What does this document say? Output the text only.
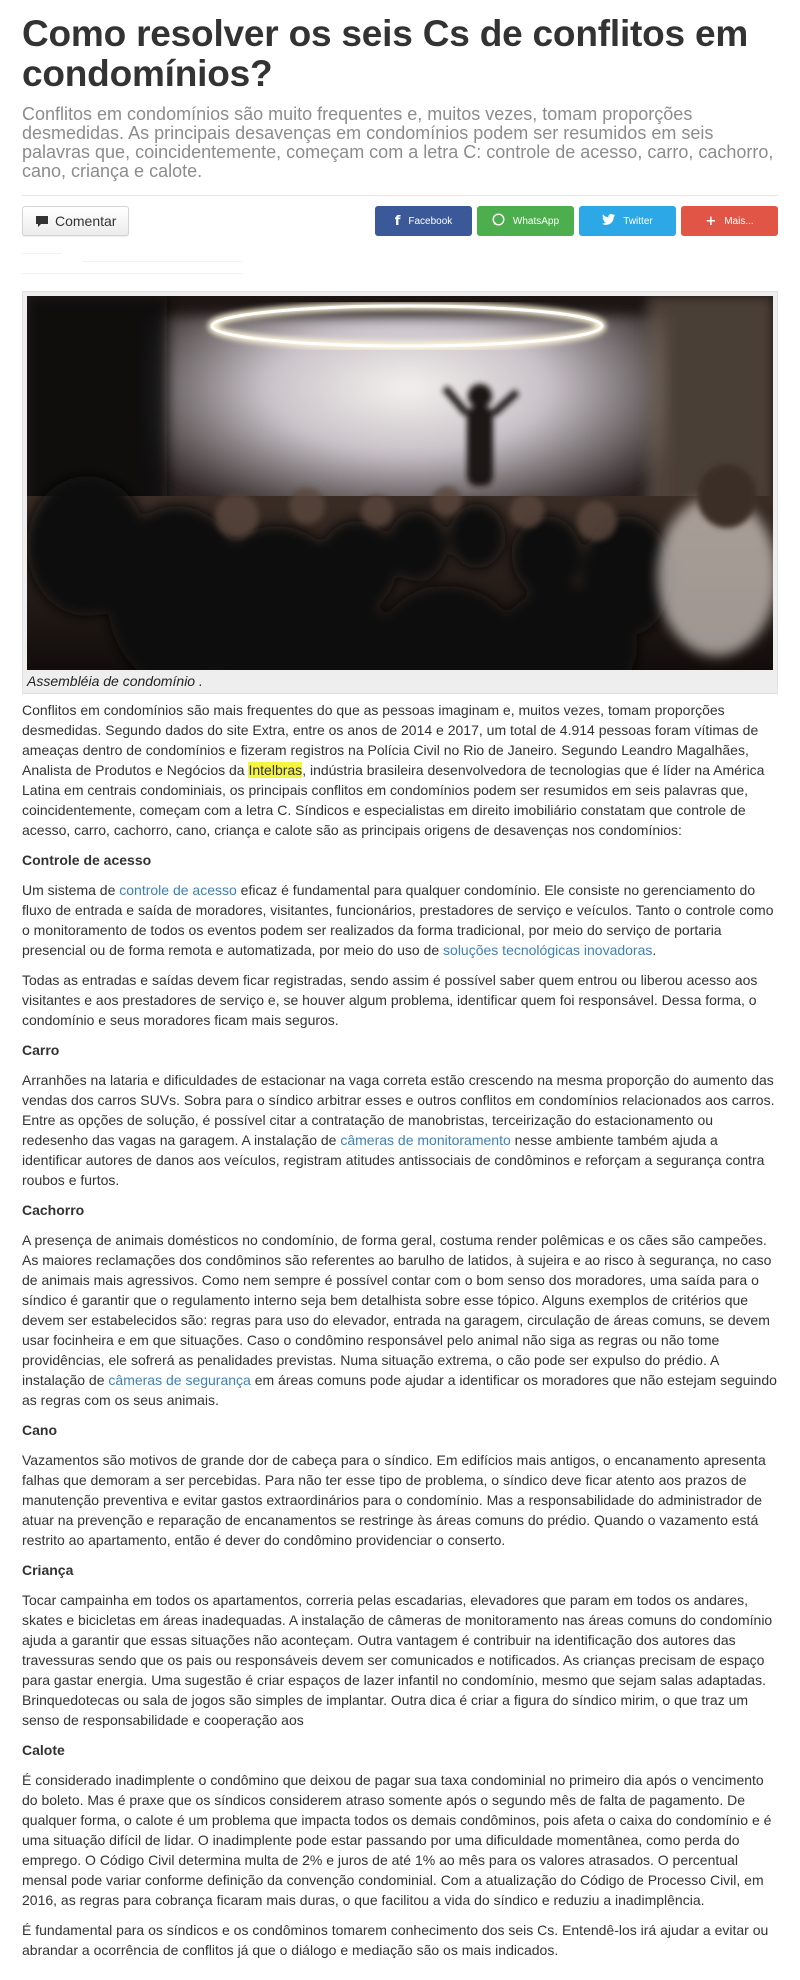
Como resolver os seis Cs de conflitos em condomínios?
Conflitos em condomínios são muito frequentes e, muitos vezes, tomam proporções desmedidas. As principais desavenças em condomínios podem ser resumidos em seis palavras que, coincidentemente, começam com a letra C: controle de acesso, carro, cachorro, cano, criança e calote.
Comentar	f Facebook	WhatsApp	Twitter	+ Mais...
Assembléia de condomínio .

Conflitos em condomínios são mais frequentes do que as pessoas imaginam e, muitos vezes, tomam proporções desmedidas. Segundo dados do site Extra, entre os anos de 2014 e 2017, um total de 4.914 pessoas foram vítimas de ameaças dentro de condomínios e fizeram registros na Polícia Civil no Rio de Janeiro. Segundo Leandro Magalhães, Analista de Produtos e Negócios da Intelbras, indústria brasileira desenvolvedora de tecnologias que é líder na América Latina em centrais condominiais, os principais conflitos em condomínios podem ser resumidos em seis palavras que, coincidentemente, começam com a letra C. Síndicos e especialistas em direito imobiliário constatam que controle de acesso, carro, cachorro, cano, criança e calote são as principais origens de desavenças nos condomínios:

Controle de acesso

Um sistema de controle de acesso eficaz é fundamental para qualquer condomínio. Ele consiste no gerenciamento do fluxo de entrada e saída de moradores, visitantes, funcionários, prestadores de serviço e veículos. Tanto o controle como o monitoramento de todos os eventos podem ser realizados da forma tradicional, por meio do serviço de portaria presencial ou de forma remota e automatizada, por meio do uso de soluções tecnológicas inovadoras.

Todas as entradas e saídas devem ficar registradas, sendo assim é possível saber quem entrou ou liberou acesso aos visitantes e aos prestadores de serviço e, se houver algum problema, identificar quem foi responsável. Dessa forma, o condomínio e seus moradores ficam mais seguros.

Carro

Arranhões na lataria e dificuldades de estacionar na vaga correta estão crescendo na mesma proporção do aumento das vendas dos carros SUVs. Sobra para o síndico arbitrar esses e outros conflitos em condomínios relacionados aos carros. Entre as opções de solução, é possível citar a contratação de manobristas, terceirização do estacionamento ou redesenho das vagas na garagem. A instalação de câmeras de monitoramento nesse ambiente também ajuda a identificar autores de danos aos veículos, registram atitudes antissociais de condôminos e reforçam a segurança contra roubos e furtos.

Cachorro

A presença de animais domésticos no condomínio, de forma geral, costuma render polêmicas e os cães são campeões. As maiores reclamações dos condôminos são referentes ao barulho de latidos, à sujeira e ao risco à segurança, no caso de animais mais agressivos. Como nem sempre é possível contar com o bom senso dos moradores, uma saída para o síndico é garantir que o regulamento interno seja bem detalhista sobre esse tópico. Alguns exemplos de critérios que devem ser estabelecidos são: regras para uso do elevador, entrada na garagem, circulação de áreas comuns, se devem usar focinheira e em que situações. Caso o condômino responsável pelo animal não siga as regras ou não tome providências, ele sofrerá as penalidades previstas. Numa situação extrema, o cão pode ser expulso do prédio. A instalação de câmeras de segurança em áreas comuns pode ajudar a identificar os moradores que não estejam seguindo as regras com os seus animais.

Cano

Vazamentos são motivos de grande dor de cabeça para o síndico. Em edifícios mais antigos, o encanamento apresenta falhas que demoram a ser percebidas. Para não ter esse tipo de problema, o síndico deve ficar atento aos prazos de manutenção preventiva e evitar gastos extraordinários para o condomínio. Mas a responsabilidade do administrador de atuar na prevenção e reparação de encanamentos se restringe às áreas comuns do prédio. Quando o vazamento está restrito ao apartamento, então é dever do condômino providenciar o conserto.

Criança

Tocar campainha em todos os apartamentos, correria pelas escadarias, elevadores que param em todos os andares, skates e bicicletas em áreas inadequadas. A instalação de câmeras de monitoramento nas áreas comuns do condomínio ajuda a garantir que essas situações não aconteçam. Outra vantagem é contribuir na identificação dos autores das travessuras sendo que os pais ou responsáveis devem ser comunicados e notificados. As crianças precisam de espaço para gastar energia. Uma sugestão é criar espaços de lazer infantil no condomínio, mesmo que sejam salas adaptadas. Brinquedotecas ou sala de jogos são simples de implantar. Outra dica é criar a figura do síndico mirim, o que traz um senso de responsabilidade e cooperação aos

Calote

É considerado inadimplente o condômino que deixou de pagar sua taxa condominial no primeiro dia após o vencimento do boleto. Mas é praxe que os síndicos considerem atraso somente após o segundo mês de falta de pagamento. De qualquer forma, o calote é um problema que impacta todos os demais condôminos, pois afeta o caixa do condomínio e é uma situação difícil de lidar. O inadimplente pode estar passando por uma dificuldade momentânea, como perda do emprego. O Código Civil determina multa de 2% e juros de até 1% ao mês para os valores atrasados. O percentual mensal pode variar conforme definição da convenção condominial. Com a atualização do Código de Processo Civil, em 2016, as regras para cobrança ficaram mais duras, o que facilitou a vida do síndico e reduziu a inadimplência.

É fundamental para os síndicos e os condôminos tomarem conhecimento dos seis Cs. Entendê-los irá ajudar a evitar ou abrandar a ocorrência de conflitos já que o diálogo e mediação são os mais indicados.
